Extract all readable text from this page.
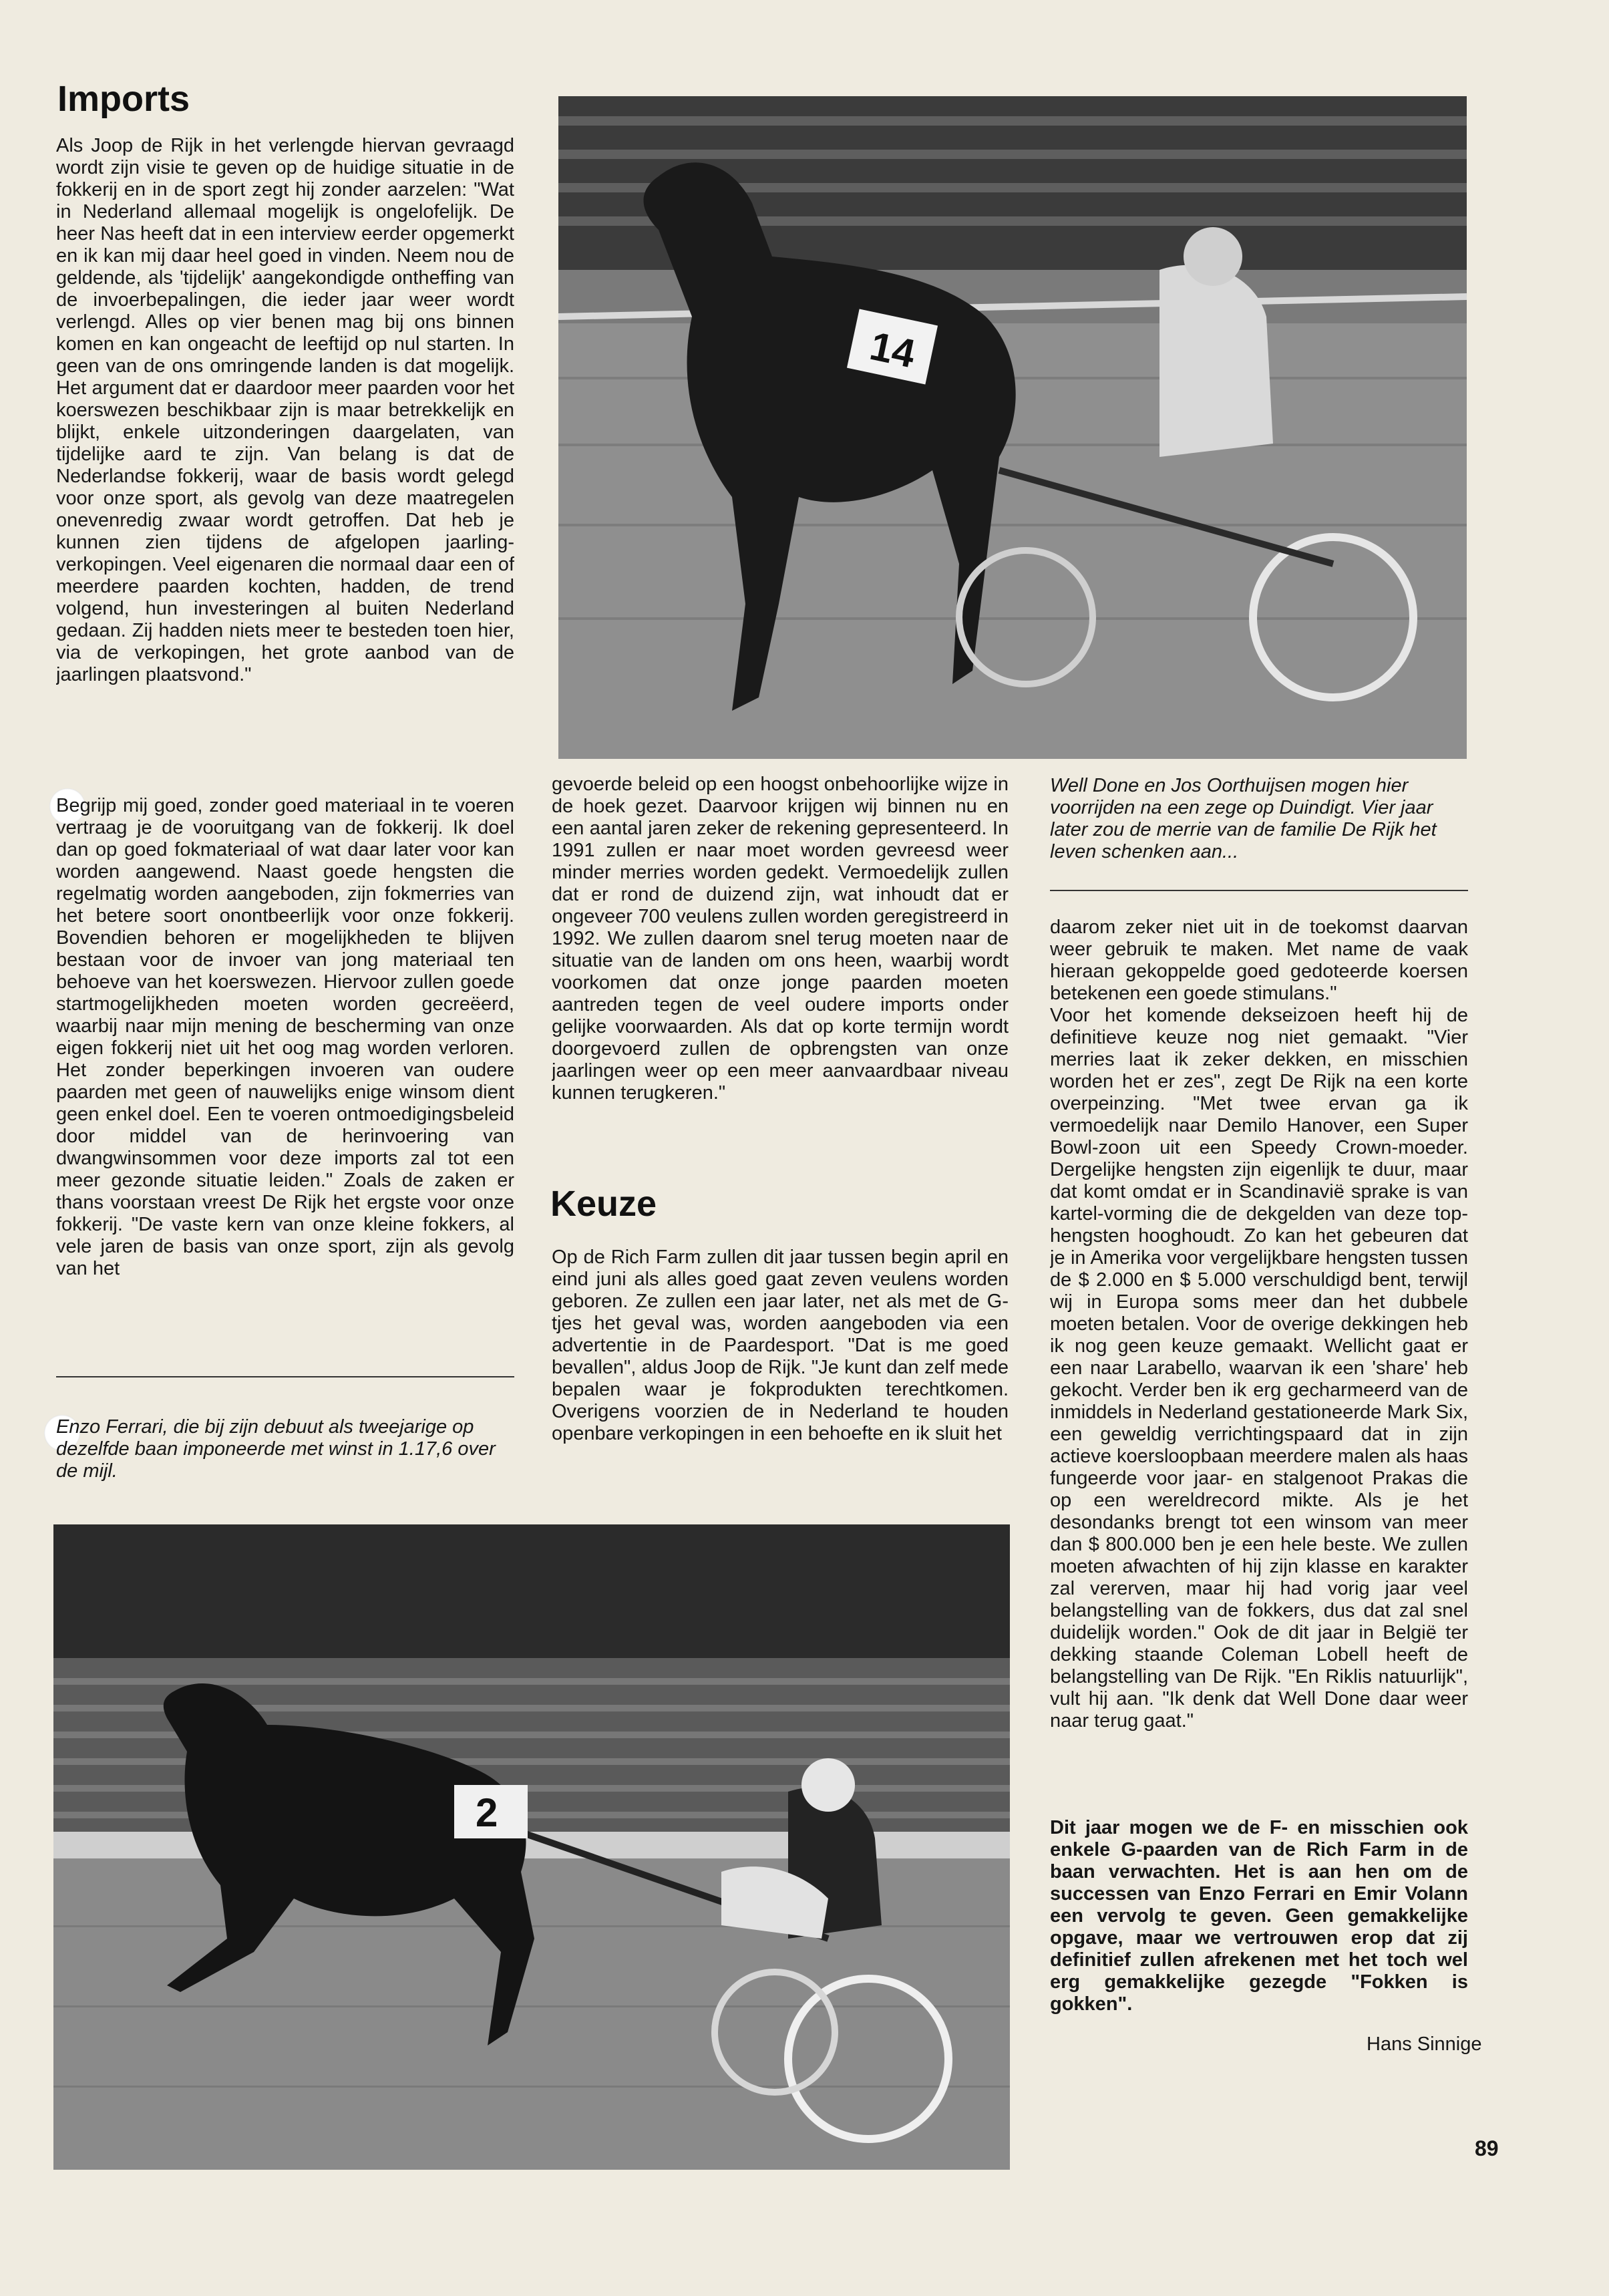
Imports

Als Joop de Rijk in het verlengde hiervan gevraagd wordt zijn visie te geven op de huidige situatie in de fokkerij en in de sport zegt hij zonder aarzelen: "Wat in Nederland allemaal mogelijk is ongelofelijk. De heer Nas heeft dat in een interview eerder opgemerkt en ik kan mij daar heel goed in vinden. Neem nou de geldende, als 'tijdelijk' aangekondigde ontheffing van de invoerbepalingen, die ieder jaar weer wordt verlengd. Alles op vier benen mag bij ons binnen komen en kan ongeacht de leeftijd op nul starten. In geen van de ons omringende landen is dat mogelijk. Het argument dat er daardoor meer paarden voor het koerswezen beschikbaar zijn is maar betrekkelijk en blijkt, enkele uitzonderingen daargelaten, van tijdelijke aard te zijn. Van belang is dat de Nederlandse fokkerij, waar de basis wordt gelegd voor onze sport, als gevolg van deze maatregelen onevenredig zwaar wordt getroffen. Dat heb je kunnen zien tijdens de afgelopen jaarling-verkopingen. Veel eigenaren die normaal daar een of meerdere paarden kochten, hadden, de trend volgend, hun investeringen al buiten Nederland gedaan. Zij hadden niets meer te besteden toen hier, via de verkopingen, het grote aanbod van de jaarlingen plaatsvond."

Begrijp mij goed, zonder goed materiaal in te voeren vertraag je de vooruitgang van de fokkerij. Ik doel dan op goed fokmateriaal of wat daar later voor kan worden aangewend. Naast goede hengsten die regelmatig worden aangeboden, zijn fokmerries van het betere soort onontbeerlijk voor onze fokkerij. Bovendien behoren er mogelijkheden te blijven bestaan voor de invoer van jong materiaal ten behoeve van het koerswezen. Hiervoor zullen goede startmogelijkheden moeten worden gecreëerd, waarbij naar mijn mening de bescherming van onze eigen fokkerij niet uit het oog mag worden verloren. Het zonder beperkingen invoeren van oudere paarden met geen of nauwelijks enige winsom dient geen enkel doel. Een te voeren ontmoedigingsbeleid door middel van de herinvoering van dwangwinsommen voor deze imports zal tot een meer gezonde situatie leiden." Zoals de zaken er thans voorstaan vreest De Rijk het ergste voor onze fokkerij. "De vaste kern van onze kleine fokkers, al vele jaren de basis van onze sport, zijn als gevolg van het

Enzo Ferrari, die bij zijn debuut als tweejarige op dezelfde baan imponeerde met winst in 1.17,6 over de mijl.

14

gevoerde beleid op een hoogst onbehoorlijke wijze in de hoek gezet. Daarvoor krijgen wij binnen nu en een aantal jaren zeker de rekening gepresenteerd. In 1991 zullen er naar moet worden gevreesd weer minder merries worden gedekt. Vermoedelijk zullen dat er rond de duizend zijn, wat inhoudt dat er ongeveer 700 veulens zullen worden geregistreerd in 1992. We zullen daarom snel terug moeten naar de situatie van de landen om ons heen, waarbij wordt voorkomen dat onze jonge paarden moeten aantreden tegen de veel oudere imports onder gelijke voorwaarden. Als dat op korte termijn wordt doorgevoerd zullen de opbrengsten van onze jaarlingen weer op een meer aanvaardbaar niveau kunnen terugkeren."

Keuze

Op de Rich Farm zullen dit jaar tussen begin april en eind juni als alles goed gaat zeven veulens worden geboren. Ze zullen een jaar later, net als met de G-tjes het geval was, worden aangeboden via een advertentie in de Paardesport. "Dat is me goed bevallen", aldus Joop de Rijk. "Je kunt dan zelf mede bepalen waar je fokprodukten terechtkomen. Overigens voorzien de in Nederland te houden openbare verkopingen in een behoefte en ik sluit het

Well Done en Jos Oorthuijsen mogen hier voorrijden na een zege op Duindigt. Vier jaar later zou de merrie van de familie De Rijk het leven schenken aan...

daarom zeker niet uit in de toekomst daarvan weer gebruik te maken. Met name de vaak hieraan gekoppelde goed gedoteerde koersen betekenen een goede stimulans."
Voor het komende dekseizoen heeft hij de definitieve keuze nog niet gemaakt. "Vier merries laat ik zeker dekken, en misschien worden het er zes", zegt De Rijk na een korte overpeinzing. "Met twee ervan ga ik vermoedelijk naar Demilo Hanover, een Super Bowl-zoon uit een Speedy Crown-moeder. Dergelijke hengsten zijn eigenlijk te duur, maar dat komt omdat er in Scandinavië sprake is van kartel-vorming die de dekgelden van deze top-hengsten hooghoudt. Zo kan het gebeuren dat je in Amerika voor vergelijkbare hengsten tussen de $ 2.000 en $ 5.000 verschuldigd bent, terwijl wij in Europa soms meer dan het dubbele moeten betalen. Voor de overige dekkingen heb ik nog geen keuze gemaakt. Wellicht gaat er een naar Larabello, waarvan ik een 'share' heb gekocht. Verder ben ik erg gecharmeerd van de inmiddels in Nederland gestationeerde Mark Six, een geweldig verrichtingspaard dat in zijn actieve koersloopbaan meerdere malen als haas fungeerde voor jaar- en stalgenoot Prakas die op een wereldrecord mikte. Als je het desondanks brengt tot een winsom van meer dan $ 800.000 ben je een hele beste. We zullen moeten afwachten of hij zijn klasse en karakter zal vererven, maar hij had vorig jaar veel belangstelling van de fokkers, dus dat zal snel duidelijk worden." Ook de dit jaar in België ter dekking staande Coleman Lobell heeft de belangstelling van De Rijk. "En Riklis natuurlijk", vult hij aan. "Ik denk dat Well Done daar weer naar terug gaat."

Dit jaar mogen we de F- en misschien ook enkele G-paarden van de Rich Farm in de baan verwachten. Het is aan hen om de successen van Enzo Ferrari en Emir Volann een vervolg te geven. Geen gemakkelijke opgave, maar we vertrouwen erop dat zij definitief zullen afrekenen met het toch wel erg gemakkelijke gezegde "Fokken is gokken".

Hans Sinnige
2
89
